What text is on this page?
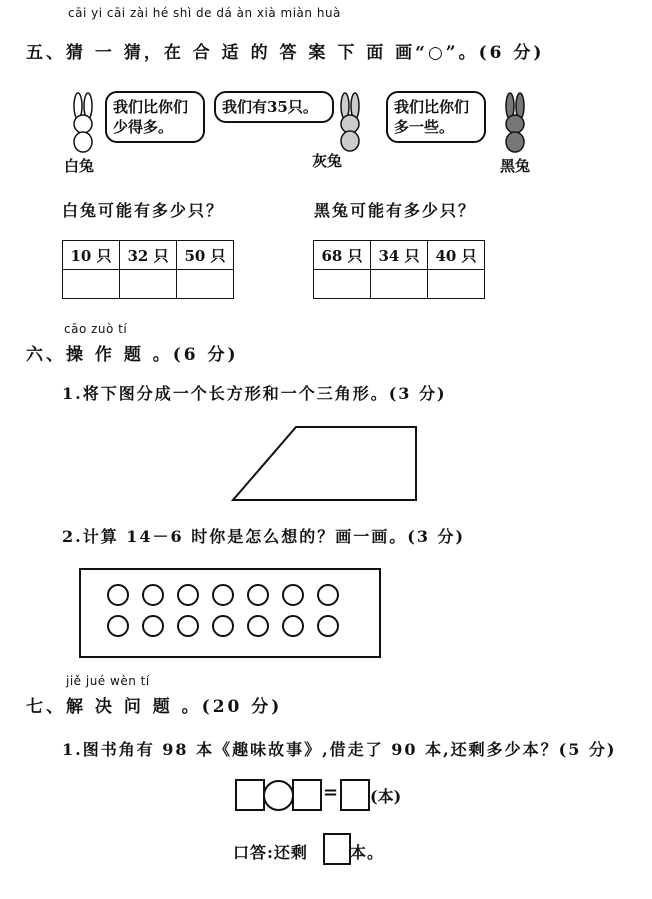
cāi yi cāi zài hé shì de dá àn xià miàn huà
五、猜 一 猜，在 合 适 的 答 案 下 面 画“○”。(6 分)
我们比你们少得多。
白兔
我们有35只。
灰兔
我们比你们多一些。
黑兔
白兔可能有多少只？	黑兔可能有多少只？
10 只	32 只	50 只
			68 只	34 只	40 只

cāo zuò tí
六、操 作 题 。(6 分)
1.将下图分成一个长方形和一个三角形。(3 分)
2.计算 14－6 时你是怎么想的？画一画。(3 分)
jiě jué wèn tí
七、解 决 问 题 。(20 分)
1.图书角有 98 本《趣味故事》,借走了 90 本,还剩多少本？(5 分)
= (本)
口答:还剩	本。
